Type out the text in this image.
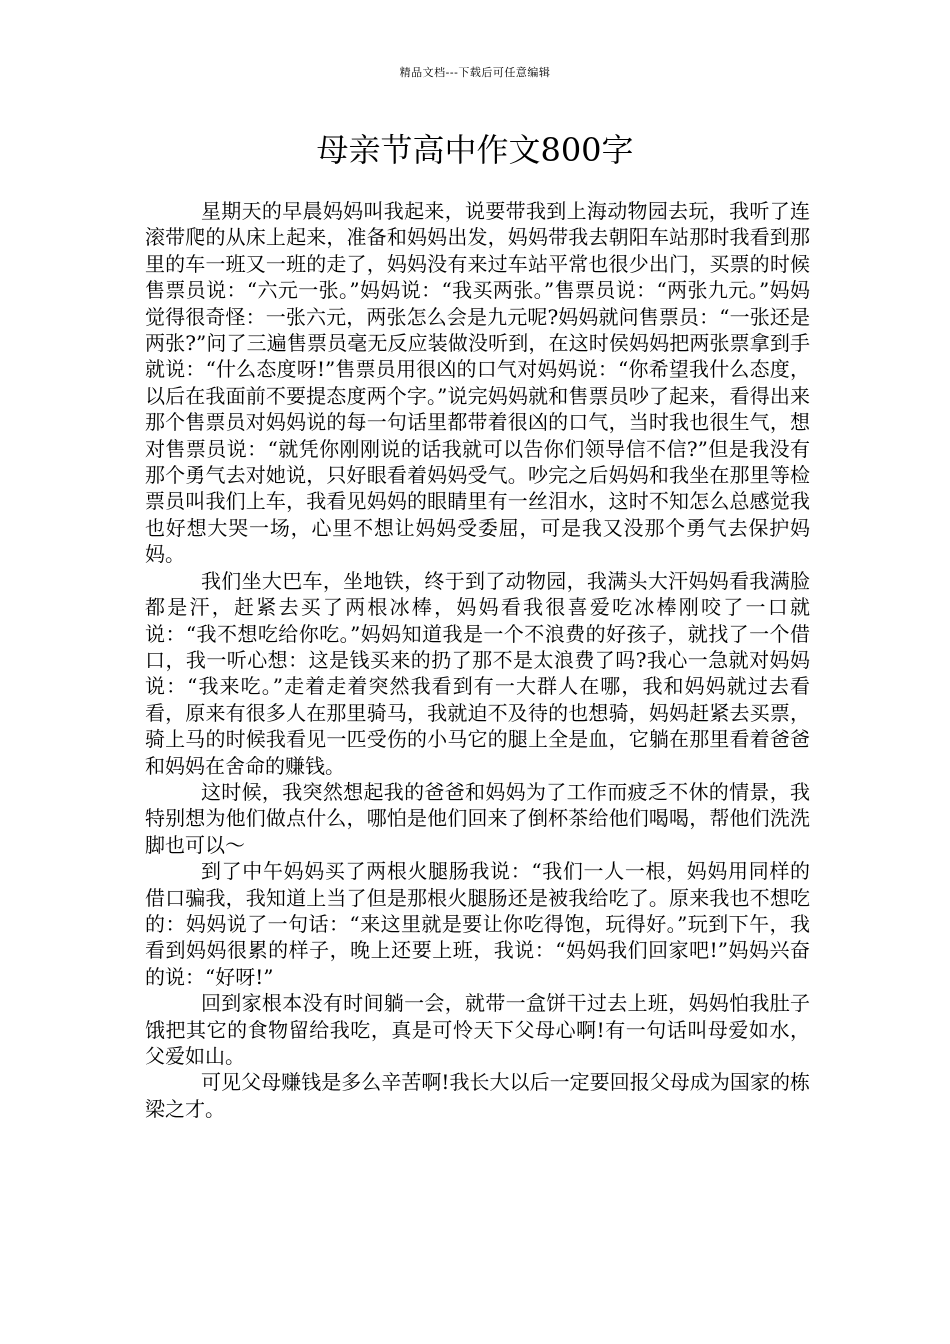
精品文档---下载后可任意编辑
母亲节高中作文800字

星期天的早晨妈妈叫我起来，说要带我到上海动物园去玩，我听了连滚带爬的从床上起来，准备和妈妈出发，妈妈带我去朝阳车站那时我看到那里的车一班又一班的走了，妈妈没有来过车站平常也很少出门，买票的时候售票员说：“六元一张。”妈妈说：“我买两张。”售票员说：“两张九元。”妈妈觉得很奇怪：一张六元，两张怎么会是九元呢?妈妈就问售票员：“一张还是两张?”问了三遍售票员毫无反应装做没听到，在这时侯妈妈把两张票拿到手就说：“什么态度呀!”售票员用很凶的口气对妈妈说：“你希望我什么态度，以后在我面前不要提态度两个字。”说完妈妈就和售票员吵了起来，看得出来那个售票员对妈妈说的每一句话里都带着很凶的口气，当时我也很生气，想对售票员说：“就凭你刚刚说的话我就可以告你们领导信不信?”但是我没有那个勇气去对她说，只好眼看着妈妈受气。吵完之后妈妈和我坐在那里等检票员叫我们上车，我看见妈妈的眼睛里有一丝泪水，这时不知怎么总感觉我也好想大哭一场，心里不想让妈妈受委屈，可是我又没那个勇气去保护妈妈。

我们坐大巴车，坐地铁，终于到了动物园，我满头大汗妈妈看我满脸都是汗，赶紧去买了两根冰棒，妈妈看我很喜爱吃冰棒刚咬了一口就说：“我不想吃给你吃。”妈妈知道我是一个不浪费的好孩子，就找了一个借口，我一听心想：这是钱买来的扔了那不是太浪费了吗?我心一急就对妈妈说：“我来吃。”走着走着突然我看到有一大群人在哪，我和妈妈就过去看看，原来有很多人在那里骑马，我就迫不及待的也想骑，妈妈赶紧去买票，骑上马的时候我看见一匹受伤的小马它的腿上全是血，它躺在那里看着爸爸和妈妈在舍命的赚钱。

这时候，我突然想起我的爸爸和妈妈为了工作而疲乏不休的情景，我特别想为他们做点什么，哪怕是他们回来了倒杯茶给他们喝喝，帮他们洗洗脚也可以～

到了中午妈妈买了两根火腿肠我说：“我们一人一根，妈妈用同样的借口骗我，我知道上当了但是那根火腿肠还是被我给吃了。原来我也不想吃的：妈妈说了一句话：“来这里就是要让你吃得饱，玩得好。”玩到下午，我看到妈妈很累的样子，晚上还要上班，我说：“妈妈我们回家吧!”妈妈兴奋的说：“好呀!”

回到家根本没有时间躺一会，就带一盒饼干过去上班，妈妈怕我肚子饿把其它的食物留给我吃，真是可怜天下父母心啊!有一句话叫母爱如水，父爱如山。

可见父母赚钱是多么辛苦啊!我长大以后一定要回报父母成为国家的栋梁之才。
